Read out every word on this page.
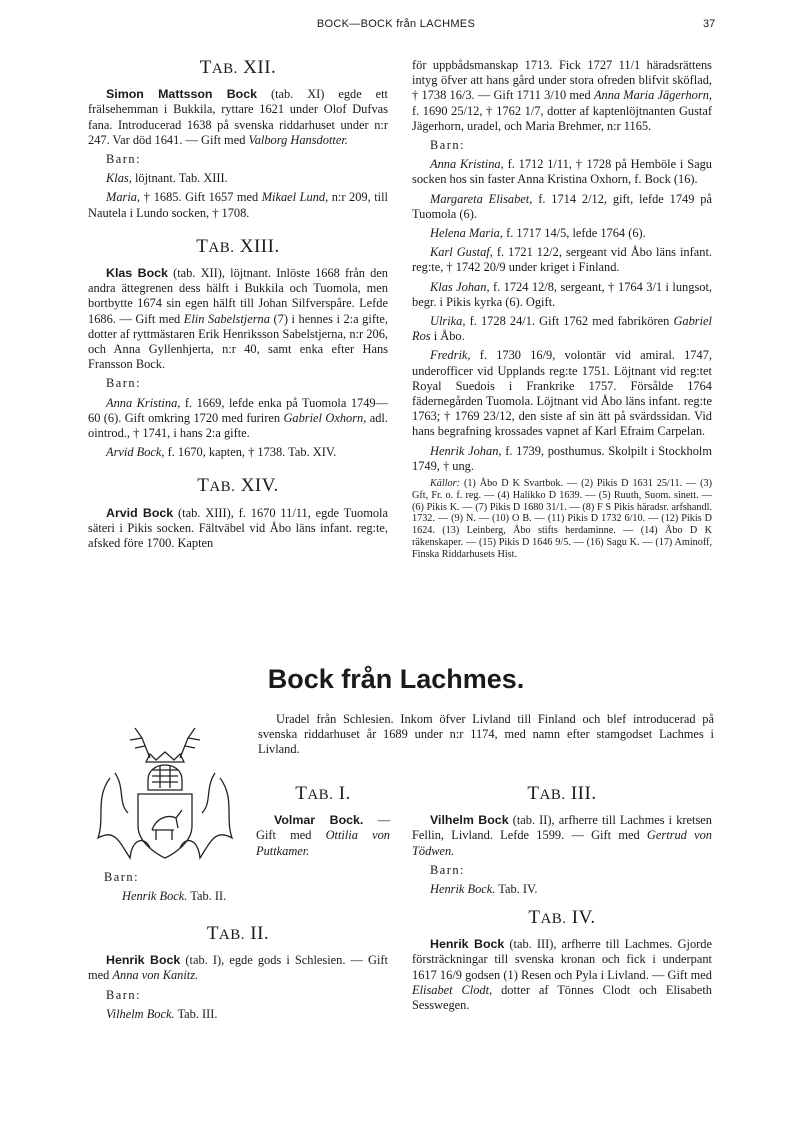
BOCK—BOCK från LACHMES	37
TAB. XII.

Simon Mattsson Bock (tab. XI) egde ett frälsehemman i Bukkila, ryttare 1621 under Olof Dufvas fana. Introducerad 1638 på svenska riddarhuset under n:r 247. Var död 1641. — Gift med Valborg Hansdotter.

Barn:

Klas, löjtnant. Tab. XIII.

Maria, † 1685. Gift 1657 med Mikael Lund, n:r 209, till Nautela i Lundo socken, † 1708.

TAB. XIII.

Klas Bock (tab. XII), löjtnant. Inlöste 1668 från den andra ättegrenen dess hälft i Bukkila och Tuomola, men bortbytte 1674 sin egen hälft till Johan Silfverspåre. Lefde 1686. — Gift med Elin Sabelstjerna (7) i hennes i 2:a gifte, dotter af ryttmästaren Erik Henriksson Sabelstjerna, n:r 206, och Anna Gyllenhjerta, n:r 40, samt enka efter Hans Fransson Bock.

Barn:

Anna Kristina, f. 1669, lefde enka på Tuomola 1749—60 (6). Gift omkring 1720 med furiren Gabriel Oxhorn, adl. ointrod., † 1741, i hans 2:a gifte.

Arvid Bock, f. 1670, kapten, † 1738. Tab. XIV.

TAB. XIV.

Arvid Bock (tab. XIII), f. 1670 11/11, egde Tuomola säteri i Pikis socken. Fältväbel vid Åbo läns infant. reg:te, afsked före 1700. Kapten

för uppbådsmanskap 1713. Fick 1727 11/1 häradsrättens intyg öfver att hans gård under stora ofreden blifvit sköflad, † 1738 16/3. — Gift 1711 3/10 med Anna Maria Jägerhorn, f. 1690 25/12, † 1762 1/7, dotter af kaptenlöjtnanten Gustaf Jägerhorn, uradel, och Maria Brehmer, n:r 1165.

Barn:

Anna Kristina, f. 1712 1/11, † 1728 på Hemböle i Sagu socken hos sin faster Anna Kristina Oxhorn, f. Bock (16).

Margareta Elisabet, f. 1714 2/12, gift, lefde 1749 på Tuomola (6).

Helena Maria, f. 1717 14/5, lefde 1764 (6).

Karl Gustaf, f. 1721 12/2, sergeant vid Åbo läns infant. reg:te, † 1742 20/9 under kriget i Finland.

Klas Johan, f. 1724 12/8, sergeant, † 1764 3/1 i lungsot, begr. i Pikis kyrka (6). Ogift.

Ulrika, f. 1728 24/1. Gift 1762 med fabrikören Gabriel Ros i Åbo.

Fredrik, f. 1730 16/9, volontär vid amiral. 1747, underofficer vid Upplands reg:te 1751. Löjtnant vid reg:tet Royal Suedois i Frankrike 1757. Försålde 1764 fädernegården Tuomola. Löjtnant vid Åbo läns infant. reg:te 1763; † 1769 23/12, den siste af sin ätt på svärdssidan. Vid hans begrafning krossades vapnet af Karl Efraim Carpelan.

Henrik Johan, f. 1739, posthumus. Skolpilt i Stockholm 1749, † ung.

Källor: (1) Åbo D K Svartbok. — (2) Pikis D 1631 25/11. — (3) Gft, Fr. o. f. reg. — (4) Halikko D 1639. — (5) Ruuth, Suom. sinett. — (6) Pikis K. — (7) Pikis D 1680 31/1. — (8) F S Pikis häradsr. arfshandl. 1732. — (9) N. — (10) O B. — (11) Pikis D 1732 6/10. — (12) Pikis D 1624. (13) Leinberg, Åbo stifts herdaminne. — (14) Åbo D K räkenskaper. — (15) Pikis D 1646 9/5. — (16) Sagu K. — (17) Aminoff, Finska Riddarhusets Hist.

Bock från Lachmes.

Uradel från Schlesien. Inkom öfver Livland till Finland och blef introducerad på svenska riddarhuset år 1689 under n:r 1174, med namn efter stamgodset Lachmes i Livland.

TAB. I.

Volmar Bock. — Gift med Ottilia von Puttkamer.

Barn:

Henrik Bock. Tab. II.

TAB. II.

Henrik Bock (tab. I), egde gods i Schlesien. — Gift med Anna von Kanitz.

Barn:

Vilhelm Bock. Tab. III.

TAB. III.

Vilhelm Bock (tab. II), arfherre till Lachmes i kretsen Fellin, Livland. Lefde 1599. — Gift med Gertrud von Tödwen.

Barn:

Henrik Bock. Tab. IV.

TAB. IV.

Henrik Bock (tab. III), arfherre till Lachmes. Gjorde försträckningar till svenska kronan och fick i underpant 1617 16/9 godsen (1) Resen och Pyla i Livland. — Gift med Elisabet Clodt, dotter af Tönnes Clodt och Elisabeth Sesswegen.
